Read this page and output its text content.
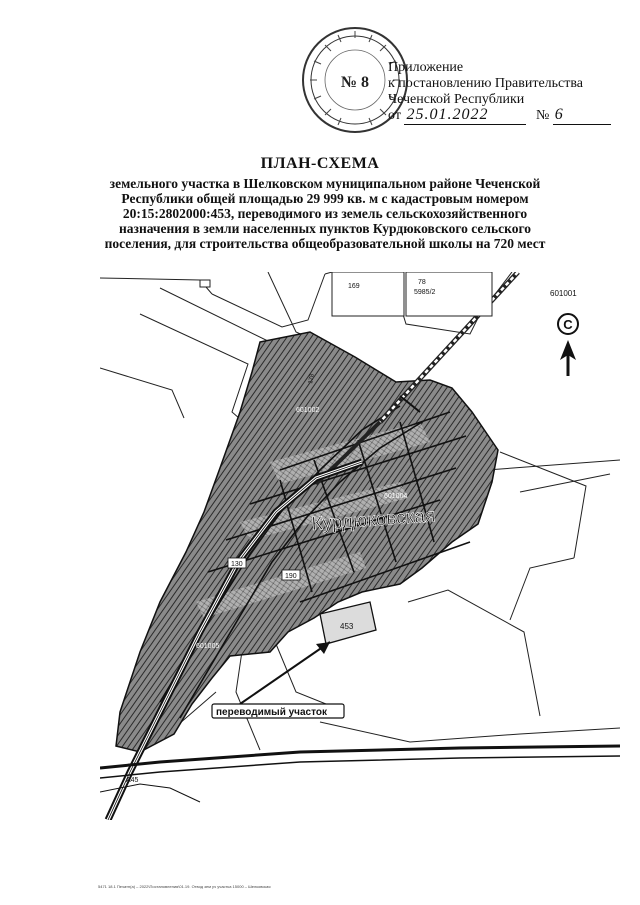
№ 8
Приложение
к постановлению Правительства
Чеченской Республики
от 25.01.2022	№ 6
ПЛАН-СХЕМА
земельного участка в Шелковском муниципальном районе Чеченской
Республики общей площадью 29 999 кв. м с кадастровым номером
20:15:2802000:453, переводимого из земель сельскохозяйственного
назначения в земли населенных пунктов Курдюковского сельского
поселения, для строительства общеобразовательной школы на 720 мест
С
601001
169
78
5985/2
178
601002
601004
130
190
601005
А45
453
Курдюковская
переводимый участок
5471 18.1 Печатн(а) – 2022\Постановления\01.19. Отвод зем уч участка 15000 – Шелковская
